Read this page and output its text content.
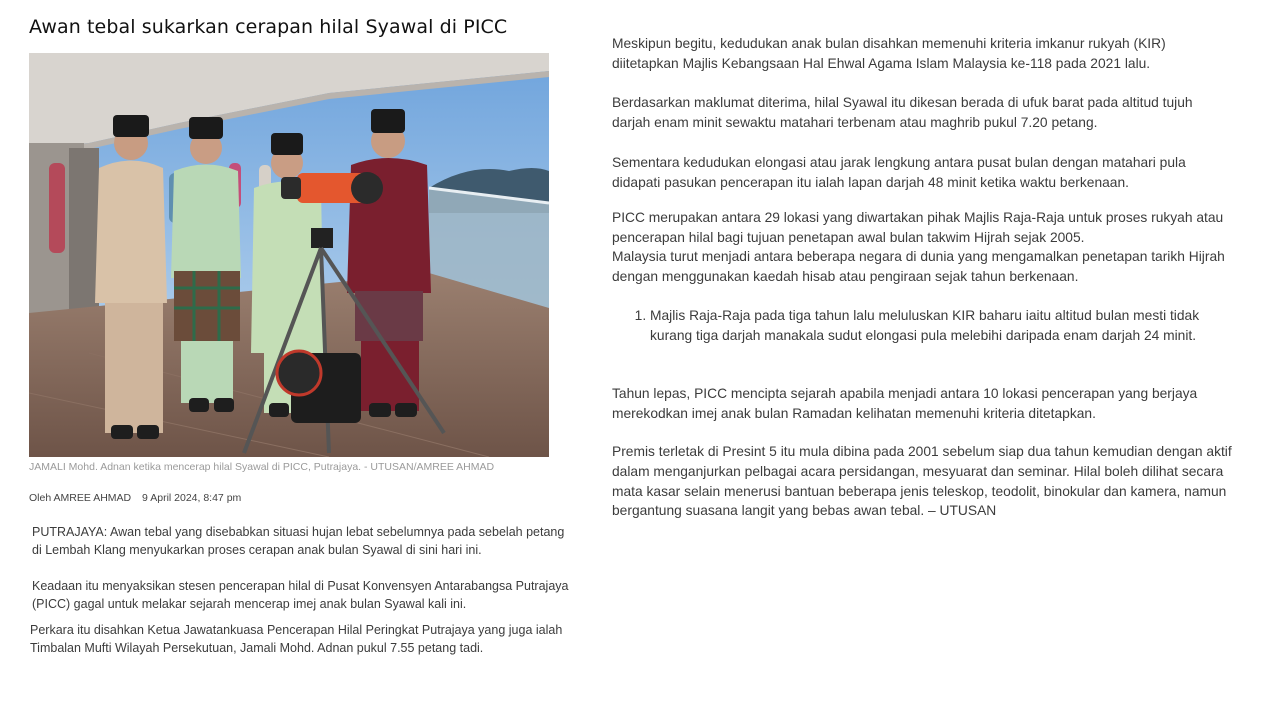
Awan tebal sukarkan cerapan hilal Syawal di PICC
JAMALI Mohd. Adnan ketika mencerap hilal Syawal di PICC, Putrajaya. - UTUSAN/AMREE AHMAD
Oleh AMREE AHMAD 9 April 2024, 8:47 pm

PUTRAJAYA: Awan tebal yang disebabkan situasi hujan lebat sebelumnya pada sebelah petang di Lembah Klang menyukarkan proses cerapan anak bulan Syawal di sini hari ini.

Keadaan itu menyaksikan stesen pencerapan hilal di Pusat Konvensyen Antarabangsa Putrajaya (PICC) gagal untuk melakar sejarah mencerap imej anak bulan Syawal kali ini.

Perkara itu disahkan Ketua Jawatankuasa Pencerapan Hilal Peringkat Putrajaya yang juga ialah Timbalan Mufti Wilayah Persekutuan, Jamali Mohd. Adnan pukul 7.55 petang tadi.

Meskipun begitu, kedudukan anak bulan disahkan memenuhi kriteria imkanur rukyah (KIR) diitetapkan Majlis Kebangsaan Hal Ehwal Agama Islam Malaysia ke-118 pada 2021 lalu.

Berdasarkan maklumat diterima, hilal Syawal itu dikesan berada di ufuk barat pada altitud tujuh darjah enam minit sewaktu matahari terbenam atau maghrib pukul 7.20 petang.

Sementara kedudukan elongasi atau jarak lengkung antara pusat bulan dengan matahari pula didapati pasukan pencerapan itu ialah lapan darjah 48 minit ketika waktu berkenaan.

PICC merupakan antara 29 lokasi yang diwartakan pihak Majlis Raja-Raja untuk proses rukyah atau pencerapan hilal bagi tujuan penetapan awal bulan takwim Hijrah sejak 2005.

Malaysia turut menjadi antara beberapa negara di dunia yang mengamalkan penetapan tarikh Hijrah dengan menggunakan kaedah hisab atau pengiraan sejak tahun berkenaan.

1. Majlis Raja-Raja pada tiga tahun lalu meluluskan KIR baharu iaitu altitud bulan mesti tidak kurang tiga darjah manakala sudut elongasi pula melebihi daripada enam darjah 24 minit.

Tahun lepas, PICC mencipta sejarah apabila menjadi antara 10 lokasi pencerapan yang berjaya merekodkan imej anak bulan Ramadan kelihatan memenuhi kriteria ditetapkan.

Premis terletak di Presint 5 itu mula dibina pada 2001 sebelum siap dua tahun kemudian dengan aktif dalam menganjurkan pelbagai acara persidangan, mesyuarat dan seminar. Hilal boleh dilihat secara mata kasar selain menerusi bantuan beberapa jenis teleskop, teodolit, binokular dan kamera, namun bergantung suasana langit yang bebas awan tebal. – UTUSAN
